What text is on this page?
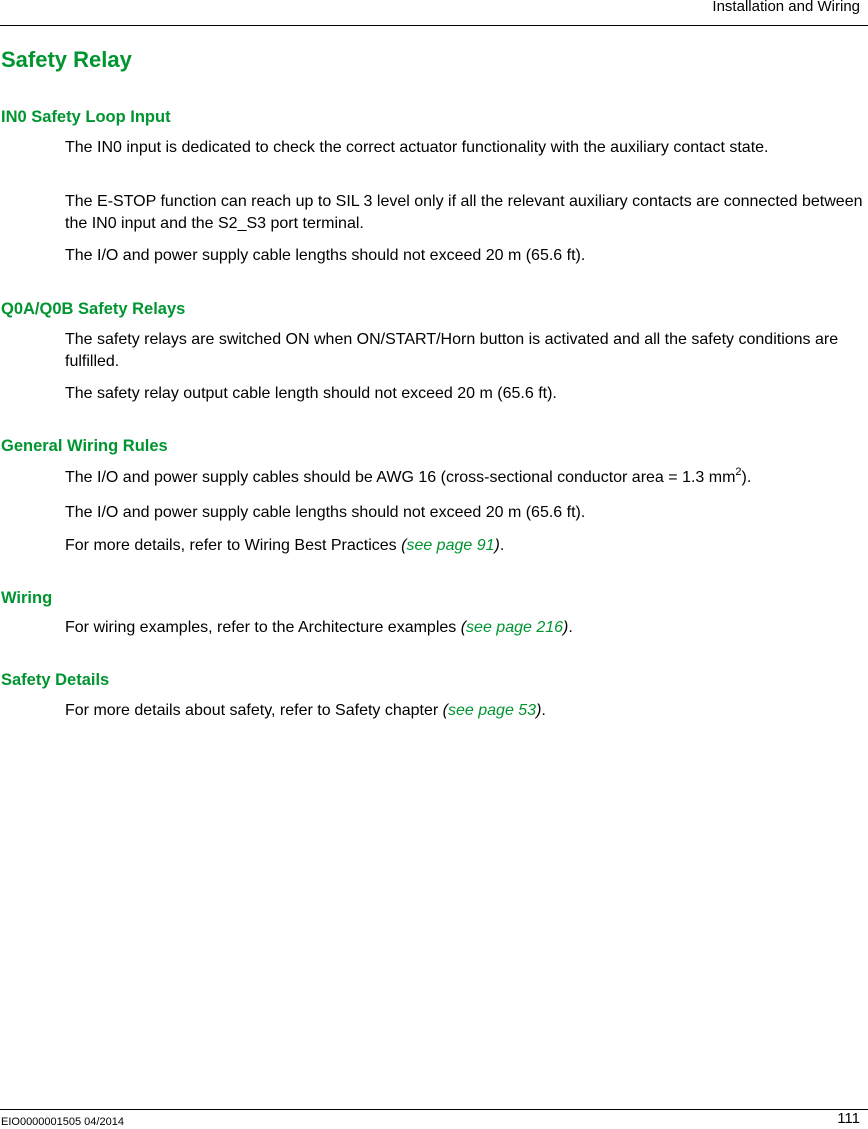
Installation and Wiring
Safety Relay
IN0 Safety Loop Input

The IN0 input is dedicated to check the correct actuator functionality with the auxiliary contact state.

The E-STOP function can reach up to SIL 3 level only if all the relevant auxiliary contacts are connected between the IN0 input and the S2_S3 port terminal.

The I/O and power supply cable lengths should not exceed 20 m (65.6 ft).

Q0A/Q0B Safety Relays

The safety relays are switched ON when ON/START/Horn button is activated and all the safety conditions are fulfilled.

The safety relay output cable length should not exceed 20 m (65.6 ft).

General Wiring Rules

The I/O and power supply cables should be AWG 16 (cross-sectional conductor area = 1.3 $mm^2$).

The I/O and power supply cable lengths should not exceed 20 m (65.6 ft).

For more details, refer to Wiring Best Practices (see page 91).

Wiring

For wiring examples, refer to the Architecture examples (see page 216).

Safety Details

For more details about safety, refer to Safety chapter (see page 53).

EIO0000001505 04/2014	111
